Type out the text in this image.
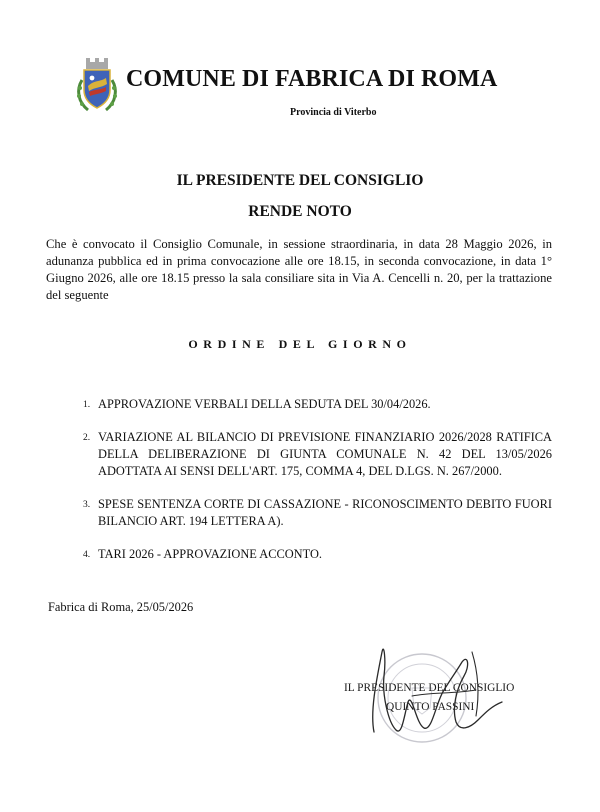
COMUNE DI FABRICA DI ROMA
Provincia di Viterbo
IL PRESIDENTE DEL CONSIGLIO
RENDE NOTO
Che è convocato il Consiglio Comunale, in sessione straordinaria, in data 28 Maggio 2026, in adunanza pubblica ed in prima convocazione alle ore 18.15, in seconda convocazione, in data 1° Giugno 2026, alle ore 18.15 presso la sala consiliare sita in Via A. Cencelli n. 20, per la trattazione del seguente
ORDINE DEL GIORNO
1. APPROVAZIONE VERBALI DELLA SEDUTA DEL 30/04/2026.
2. VARIAZIONE AL BILANCIO DI PREVISIONE FINANZIARIO 2026/2028 RATIFICA DELLA DELIBERAZIONE DI GIUNTA COMUNALE N. 42 DEL 13/05/2026 ADOTTATA AI SENSI DELL'ART. 175, COMMA 4, DEL D.LGS. N. 267/2000.
3. SPESE SENTENZA CORTE DI CASSAZIONE - RICONOSCIMENTO DEBITO FUORI BILANCIO ART. 194 LETTERA A).
4. TARI 2026 - APPROVAZIONE ACCONTO.
Fabrica di Roma, 25/05/2026
IL PRESIDENTE DEL CONSIGLIO
QUINTO PASSINI
